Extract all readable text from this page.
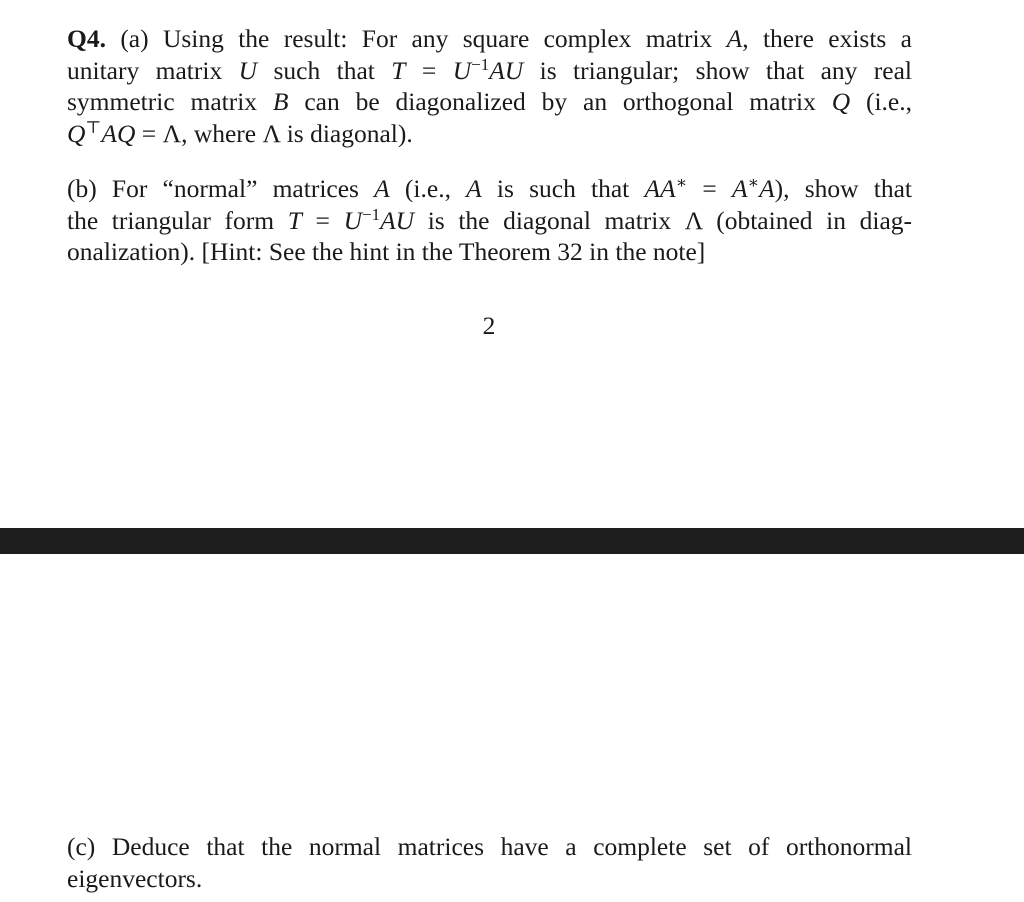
Q4. (a) Using the result: For any square complex matrix A, there exists a
unitary matrix U such that $T = U^{-1}AU$ is triangular; show that any real
symmetric matrix B can be diagonalized by an orthogonal matrix Q (i.e.,
Q⊤AQ = Λ, where Λ is diagonal).
(b) For “normal” matrices A (i.e., A is such that AA∗ = A∗A), show that
the triangular form $T = U^{-1}AU$ is the diagonal matrix Λ (obtained in diag-
onalization). [Hint: See the hint in the Theorem 32 in the note]
2
(c) Deduce that the normal matrices have a complete set of orthonormal
eigenvectors.
